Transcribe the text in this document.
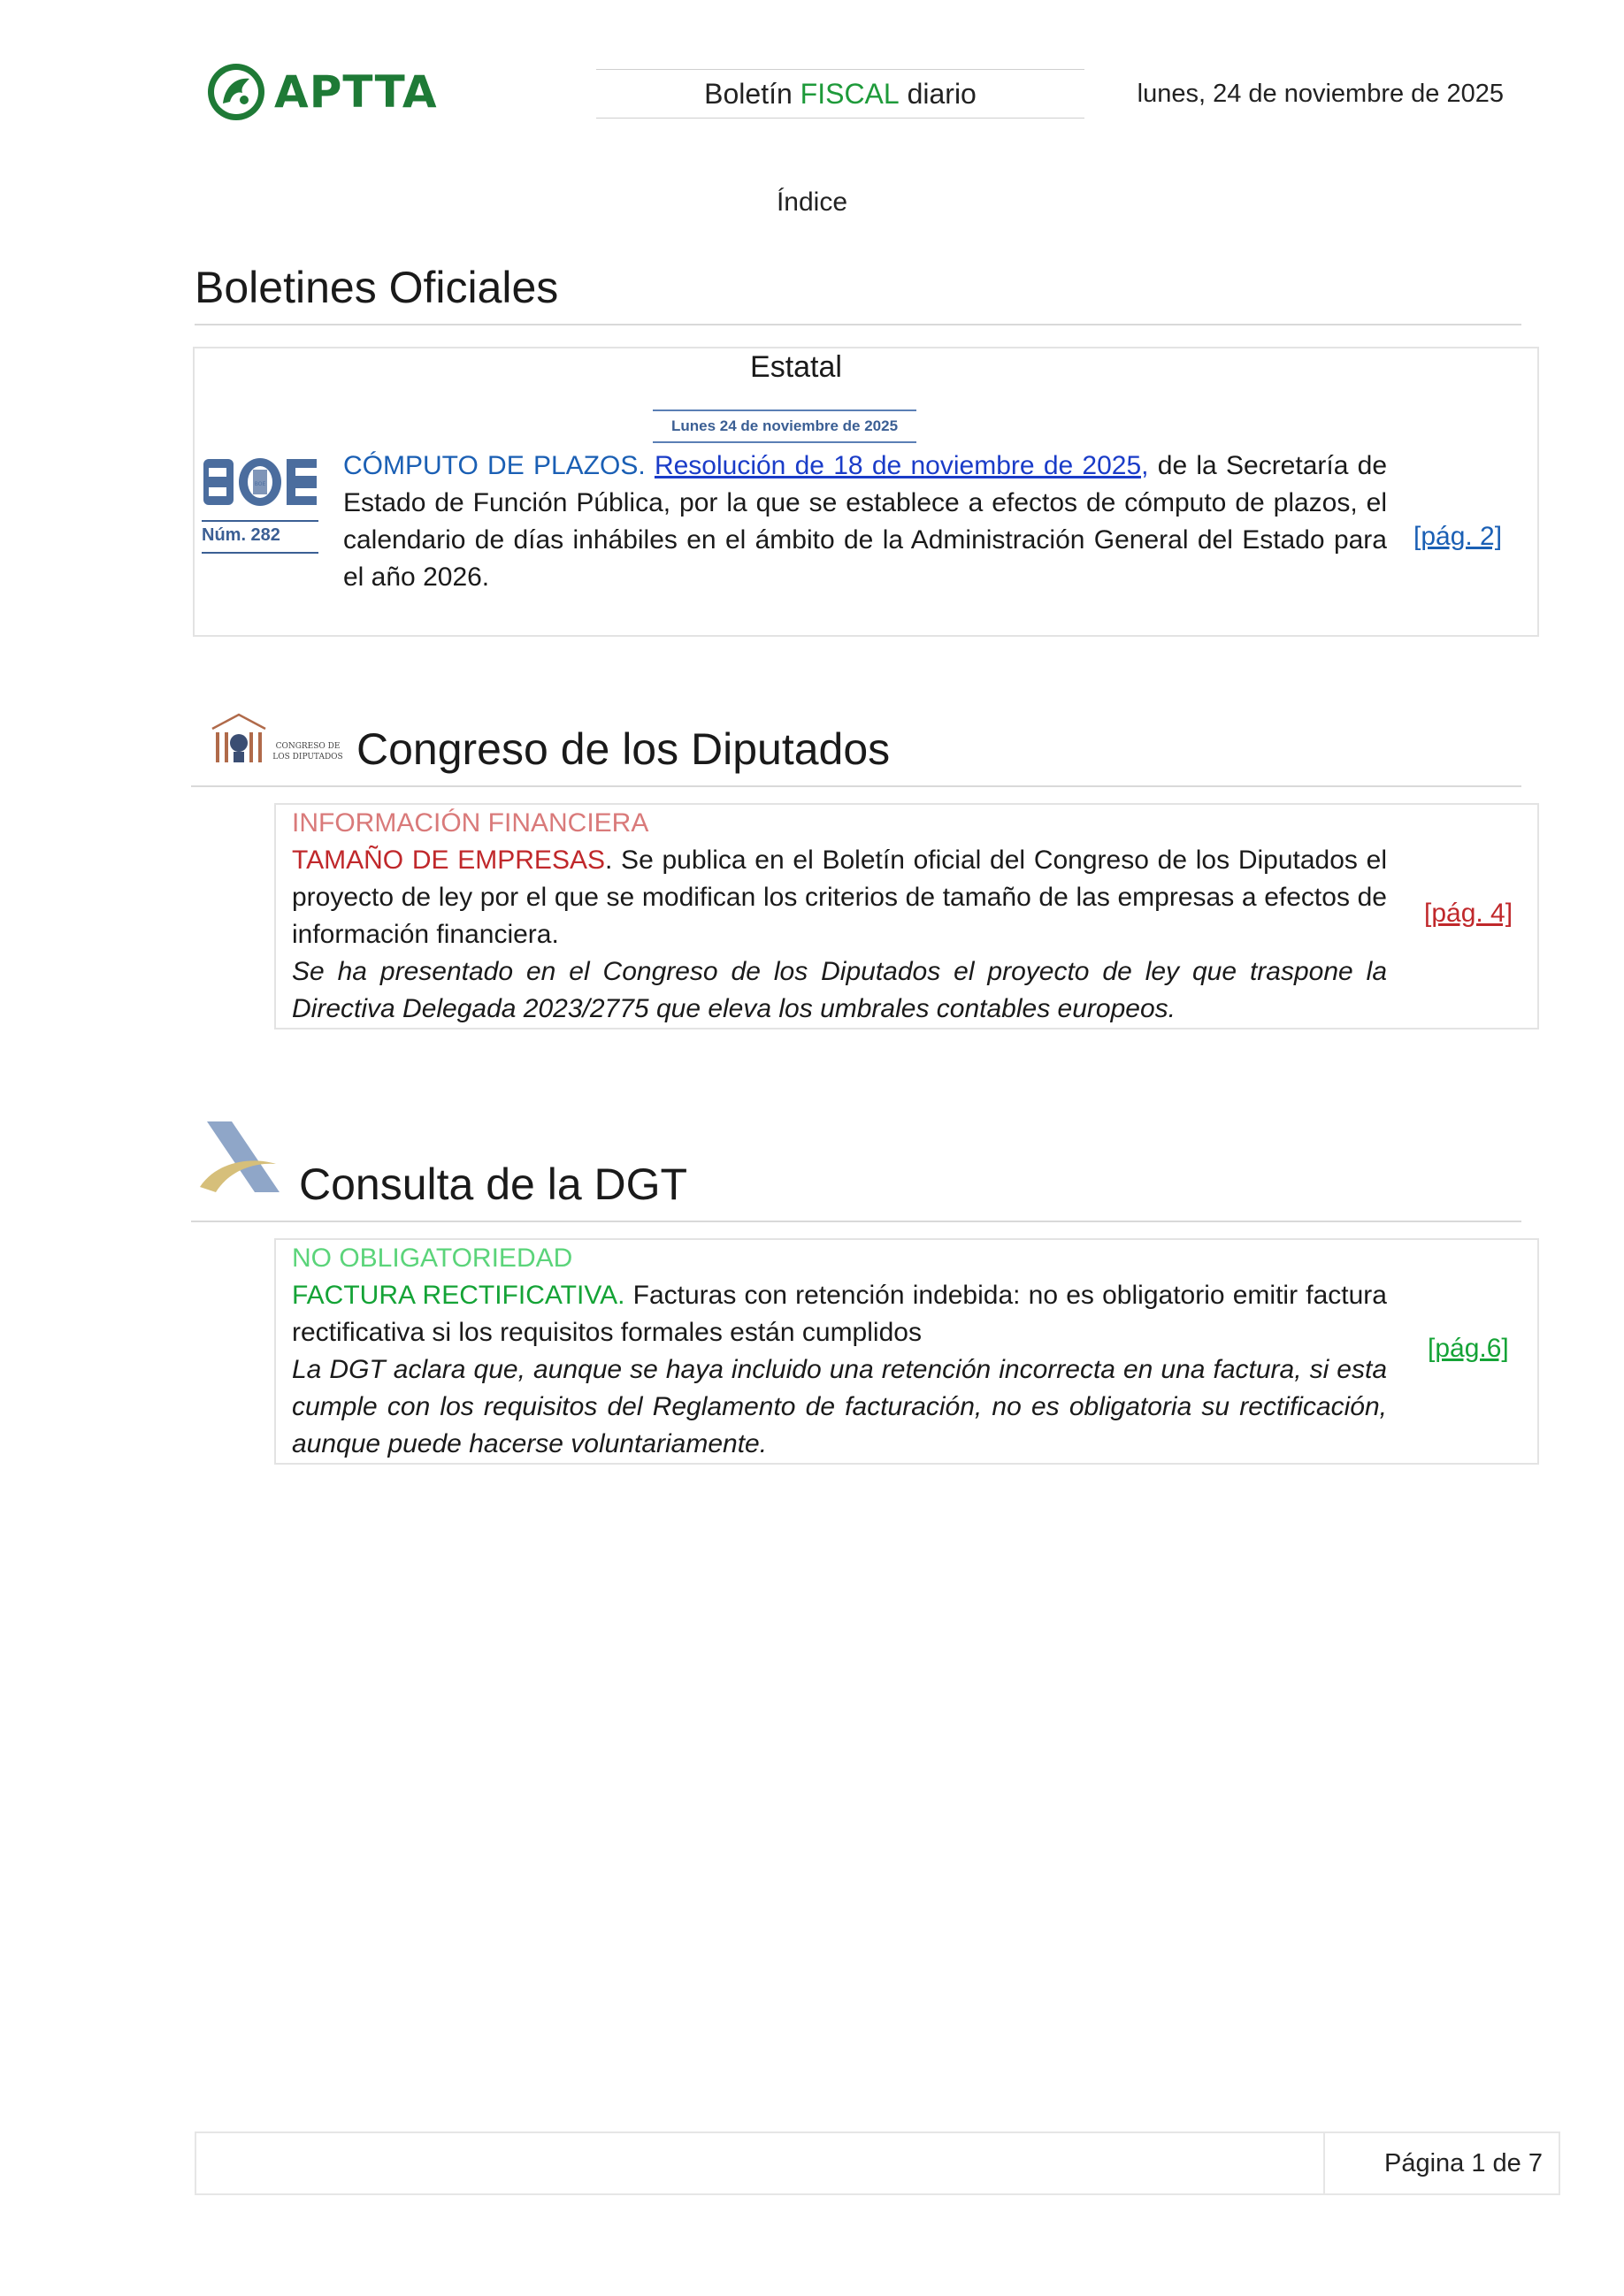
APTTA	Boletín FISCAL diario	lunes, 24 de noviembre de 2025
Índice
Boletines Oficiales
Estatal
Lunes 24 de noviembre de 2025
BOE
Núm. 282
CÓMPUTO DE PLAZOS. Resolución de 18 de noviembre de 2025, de la Secretaría de Estado de Función Pública, por la que se establece a efectos de cómputo de plazos, el calendario de días inhábiles en el ámbito de la Administración General del Estado para el año 2026.
[pág. 2]
CONGRESO DE
LOS DIPUTADOS Congreso de los Diputados
INFORMACIÓN FINANCIERA
TAMAÑO DE EMPRESAS. Se publica en el Boletín oficial del Congreso de los Diputados el proyecto de ley por el que se modifican los criterios de tamaño de las empresas a efectos de información financiera.
Se ha presentado en el Congreso de los Diputados el proyecto de ley que traspone la Directiva Delegada 2023/2775 que eleva los umbrales contables europeos.
[pág. 4]
Consulta de la DGT
NO OBLIGATORIEDAD
FACTURA RECTIFICATIVA. Facturas con retención indebida: no es obligatorio emitir factura rectificativa si los requisitos formales están cumplidos
La DGT aclara que, aunque se haya incluido una retención incorrecta en una factura, si esta cumple con los requisitos del Reglamento de facturación, no es obligatoria su rectificación, aunque puede hacerse voluntariamente.
[pág.6]
Página 1 de 7
